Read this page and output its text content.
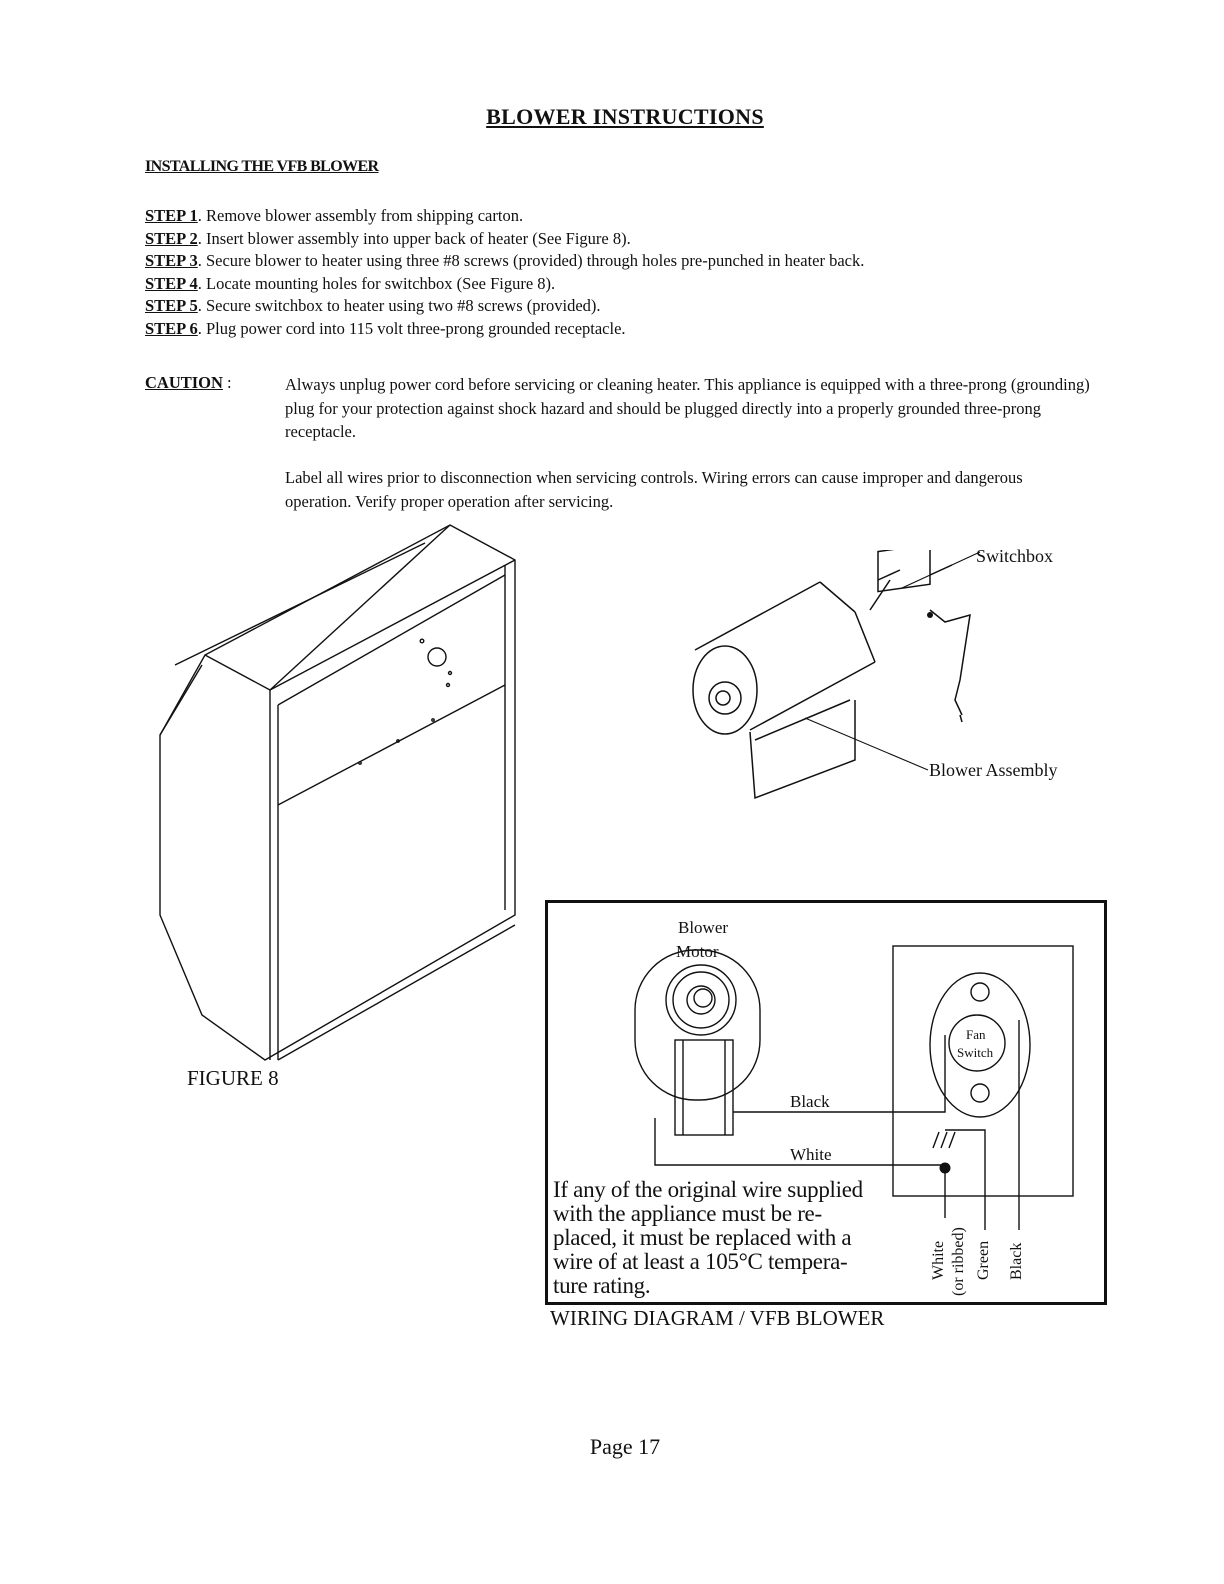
BLOWER INSTRUCTIONS
INSTALLING THE VFB BLOWER
STEP 1. Remove blower assembly from shipping carton.
STEP 2. Insert blower assembly into upper back of heater (See Figure 8).
STEP 3. Secure blower to heater using three #8 screws (provided) through holes pre-punched in heater back.
STEP 4. Locate mounting holes for switchbox (See Figure 8).
STEP 5. Secure switchbox to heater using two #8 screws (provided).
STEP 6. Plug power cord into 115 volt three-prong grounded receptacle.
CAUTION :	Always unplug power cord before servicing or cleaning heater. This appliance is equipped with a three-prong (grounding) plug for your protection against shock hazard and should be plugged directly into a properly grounded three-prong receptacle.
Label all wires prior to disconnection when servicing controls. Wiring errors can cause improper and dangerous operation. Verify proper operation after servicing.
FIGURE 8
Switchbox
Blower Assembly
Blower
Motor
Fan
Switch
Black
White
If any of the original wire supplied with the appliance must be re-placed, it must be replaced with a wire of at least a 105°C tempera-ture rating.
White (or ribbed) Green Black
WIRING DIAGRAM / VFB BLOWER
Page 17
